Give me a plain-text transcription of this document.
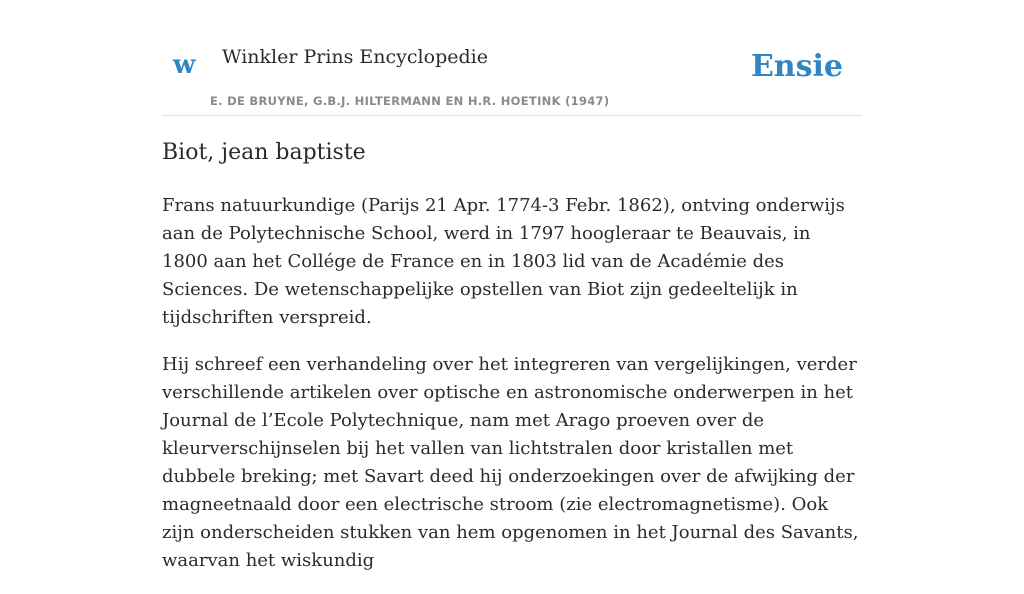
w Winkler Prins Encyclopedie
E. DE BRUYNE, G.B.J. HILTERMANN EN H.R. HOETINK (1947)
Ensie
Biot, jean baptiste

Frans natuurkundige (Parijs 21 Apr. 1774-3 Febr. 1862), ontving onderwijs aan de Polytechnische School, werd in 1797 hoogleraar te Beauvais, in 1800 aan het Collége de France en in 1803 lid van de Académie des Sciences. De wetenschappelijke opstellen van Biot zijn gedeeltelijk in tijdschriften verspreid.

Hij schreef een verhandeling over het integreren van vergelijkingen, verder verschillende artikelen over optische en astronomische onderwerpen in het Journal de l’Ecole Polytechnique, nam met Arago proeven over de kleurverschijnselen bij het vallen van lichtstralen door kristallen met dubbele breking; met Savart deed hij onderzoekingen over de afwijking der magneetnaald door een electrische stroom (zie electromagnetisme). Ook zijn onderscheiden stukken van hem opgenomen in het Journal des Savants, waarvan het wiskundig
